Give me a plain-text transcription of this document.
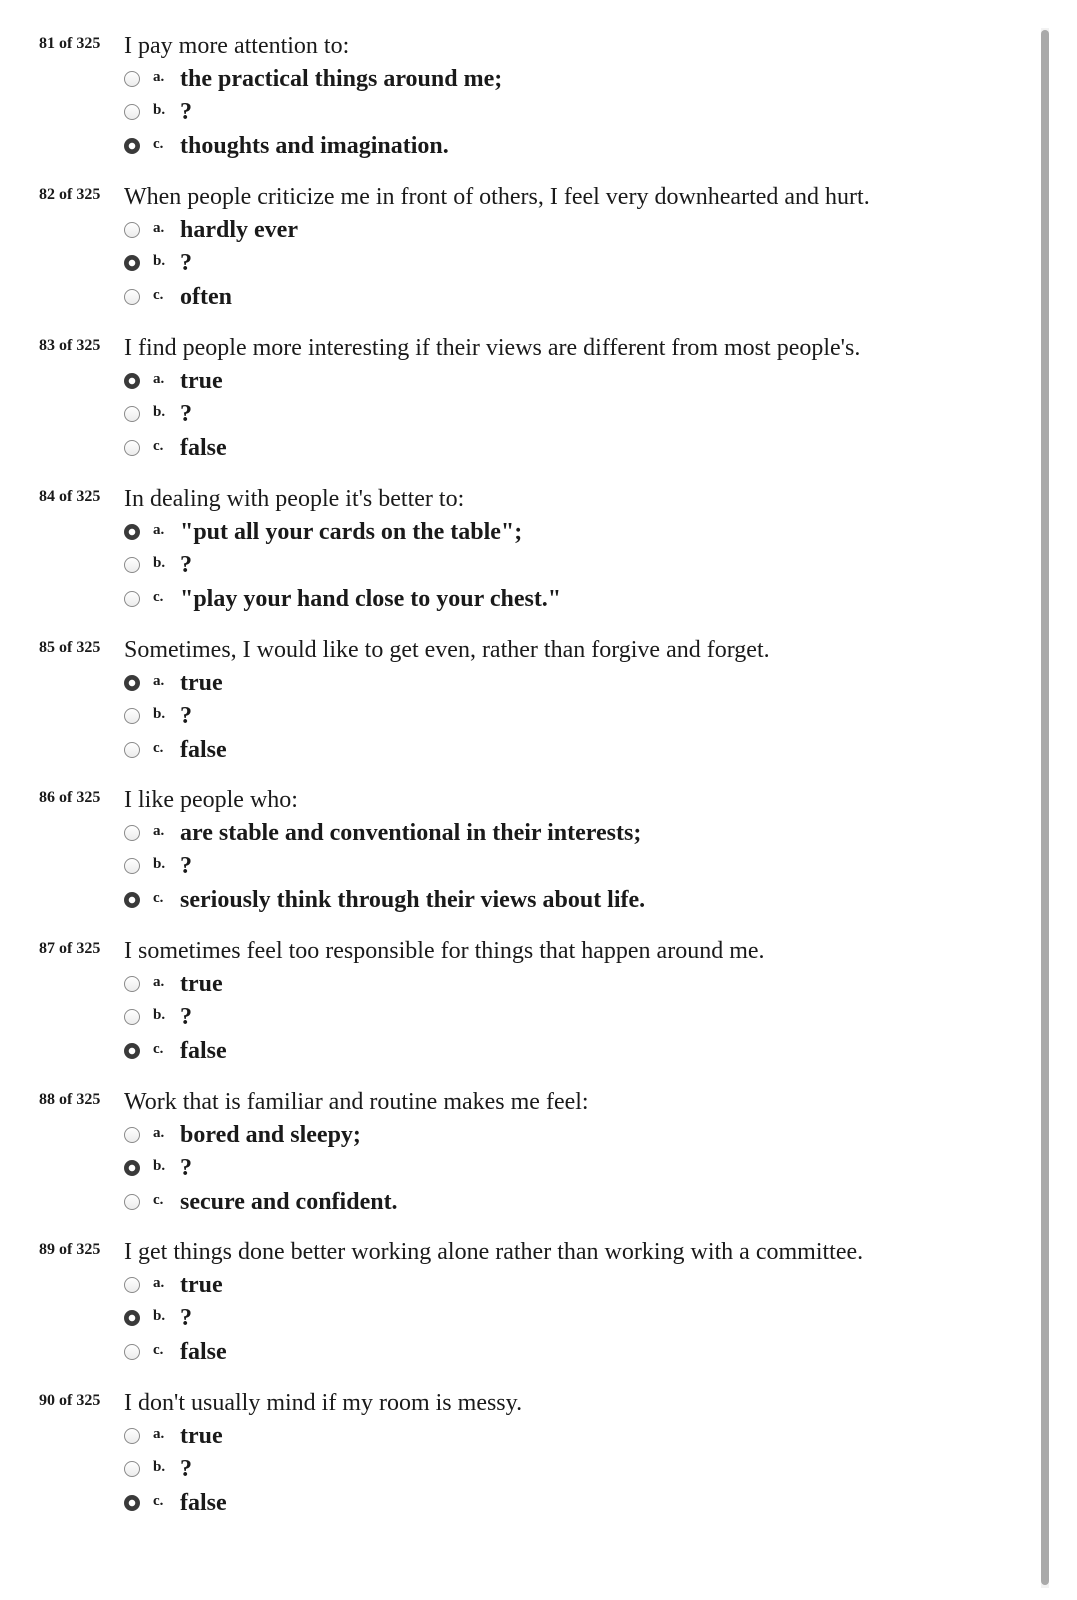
81 of 325 I pay more attention to:
a. the practical things around me;
b. ?
c. thoughts and imagination.
82 of 325 When people criticize me in front of others, I feel very downhearted and hurt.
a. hardly ever
b. ?
c. often
83 of 325 I find people more interesting if their views are different from most people's.
a. true
b. ?
c. false
84 of 325 In dealing with people it's better to:
a. "put all your cards on the table";
b. ?
c. "play your hand close to your chest."
85 of 325 Sometimes, I would like to get even, rather than forgive and forget.
a. true
b. ?
c. false
86 of 325 I like people who:
a. are stable and conventional in their interests;
b. ?
c. seriously think through their views about life.
87 of 325 I sometimes feel too responsible for things that happen around me.
a. true
b. ?
c. false
88 of 325 Work that is familiar and routine makes me feel:
a. bored and sleepy;
b. ?
c. secure and confident.
89 of 325 I get things done better working alone rather than working with a committee.
a. true
b. ?
c. false
90 of 325 I don't usually mind if my room is messy.
a. true
b. ?
c. false
